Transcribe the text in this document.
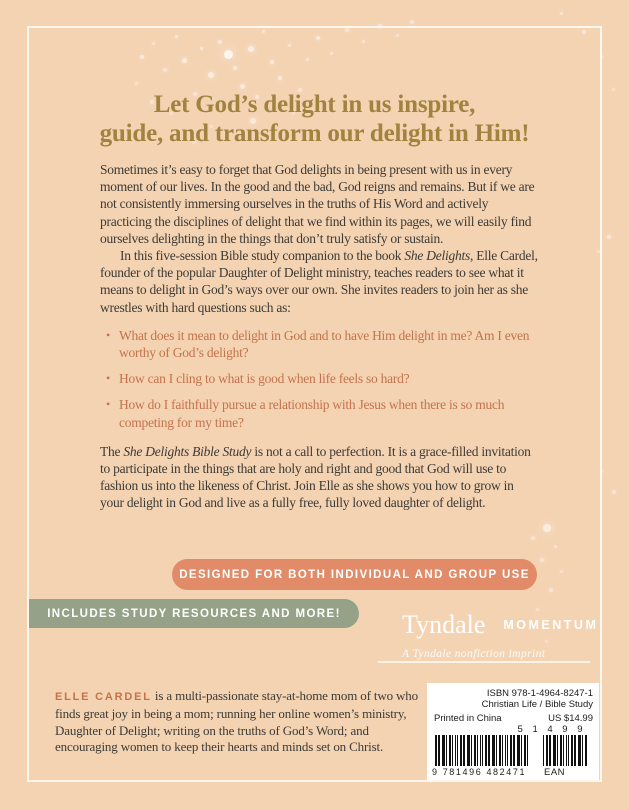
Let God’s delight in us inspire,
guide, and transform our delight in Him!

Sometimes it’s easy to forget that God delights in being present with us in every moment of our lives. In the good and the bad, God reigns and remains. But if we are not consistently immersing ourselves in the truths of His Word and actively practicing the disciplines of delight that we find within its pages, we will easily find ourselves delighting in the things that don’t truly satisfy or sustain.

In this five-session Bible study companion to the book She Delights, Elle Cardel, founder of the popular Daughter of Delight ministry, teaches readers to see what it means to delight in God’s ways over our own. She invites readers to join her as she wrestles with hard questions such as:

• What does it mean to delight in God and to have Him delight in me? Am I even worthy of God’s delight?
• How can I cling to what is good when life feels so hard?
• How do I faithfully pursue a relationship with Jesus when there is so much competing for my time?

The She Delights Bible Study is not a call to perfection. It is a grace-filled invitation to participate in the things that are holy and right and good that God will use to fashion us into the likeness of Christ. Join Elle as she shows you how to grow in your delight in God and live as a fully free, fully loved daughter of delight.

DESIGNED FOR BOTH INDIVIDUAL AND GROUP USE
INCLUDES STUDY RESOURCES AND MORE!	Tyndale MOMENTUM
A Tyndale nonfiction imprint
ELLE CARDEL is a multi-passionate stay-at-home mom of two who finds great joy in being a mom; running her online women’s ministry, Daughter of Delight; writing on the truths of God’s Word; and encouraging women to keep their hearts and minds set on Christ.
ISBN 978-1-4964-8247-1
Christian Life / Bible Study
Printed in China	US $14.99
5 1 4 9 9
9 781496 482471 EAN
